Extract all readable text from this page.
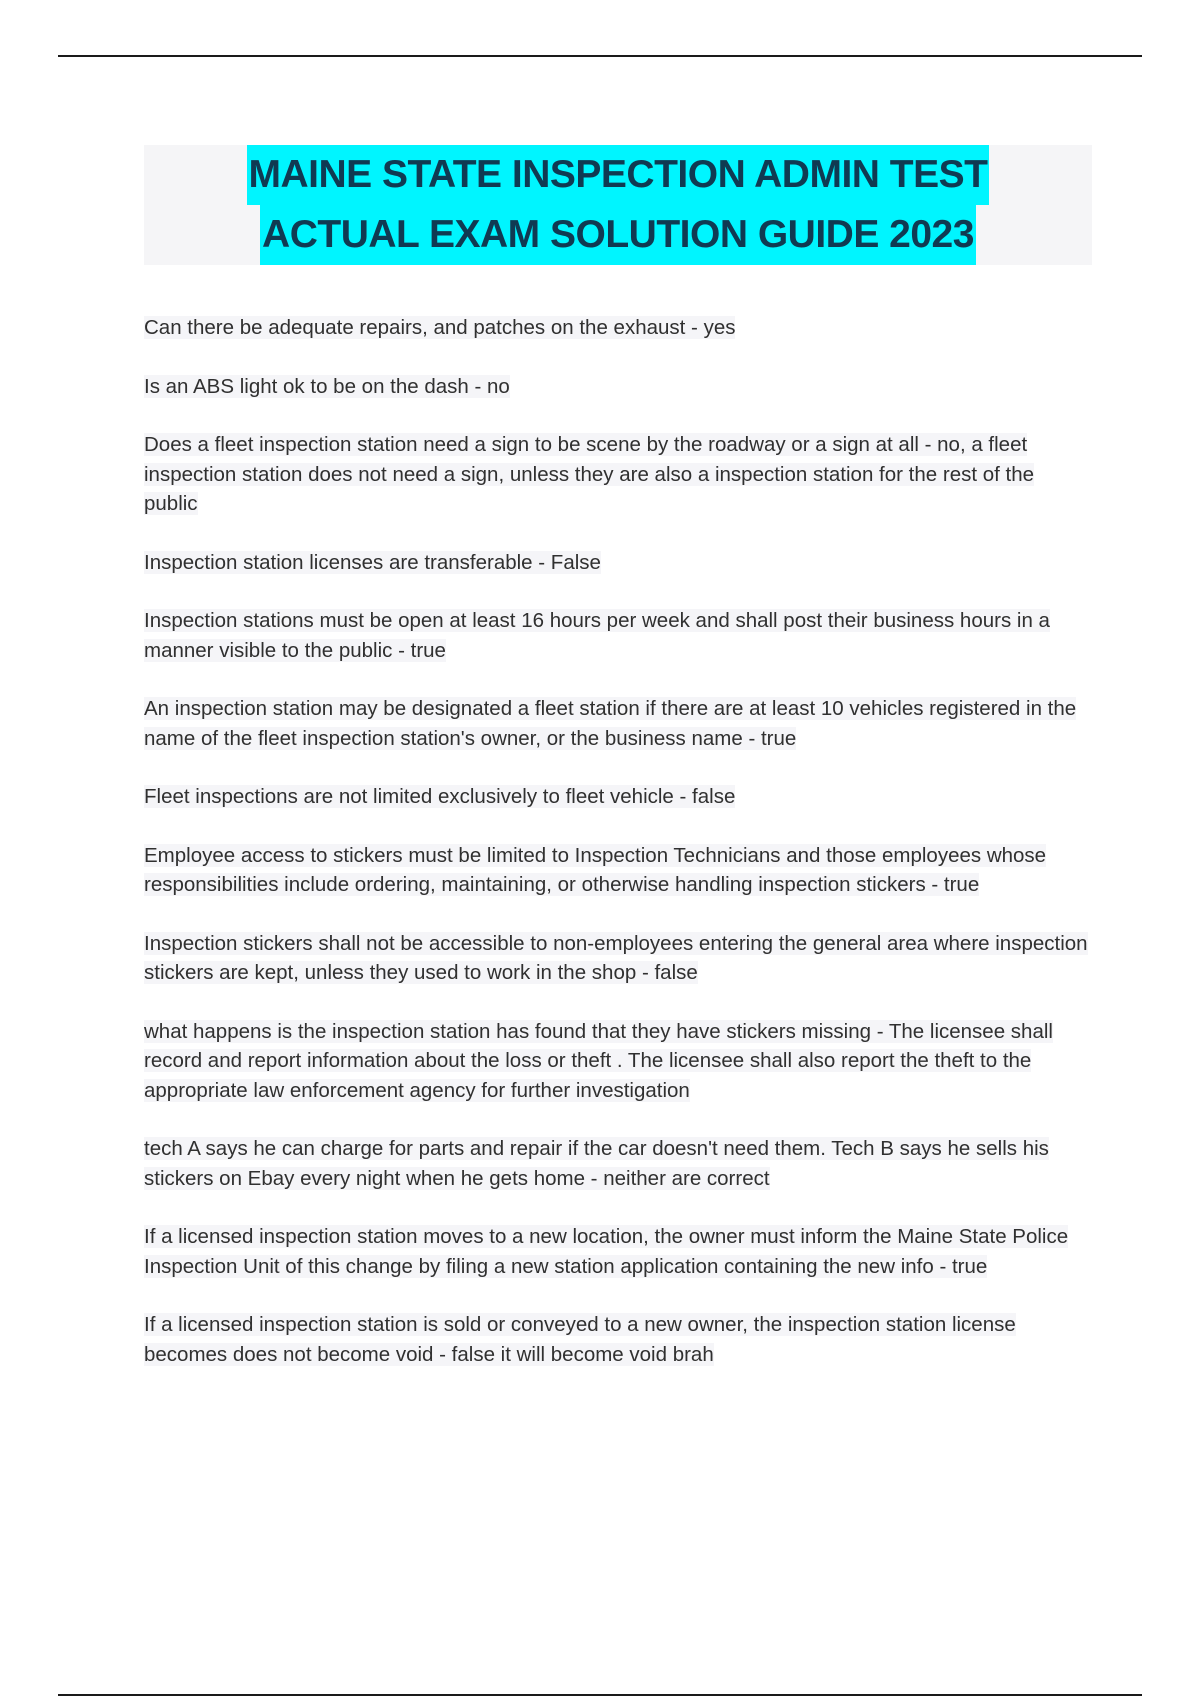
MAINE STATE INSPECTION ADMIN TEST
ACTUAL EXAM SOLUTION GUIDE 2023
Can there be adequate repairs, and patches on the exhaust - yes
Is an ABS light ok to be on the dash - no
Does a fleet inspection station need a sign to be scene by the roadway or a sign at all - no, a fleet inspection station does not need a sign, unless they are also a inspection station for the rest of the public
Inspection station licenses are transferable - False
Inspection stations must be open at least 16 hours per week and shall post their business hours in a manner visible to the public - true
An inspection station may be designated a fleet station if there are at least 10 vehicles registered in the name of the fleet inspection station's owner, or the business name - true
Fleet inspections are not limited exclusively to fleet vehicle - false
Employee access to stickers must be limited to Inspection Technicians and those employees whose responsibilities include ordering, maintaining, or otherwise handling inspection stickers - true
Inspection stickers shall not be accessible to non-employees entering the general area where inspection stickers are kept, unless they used to work in the shop - false
what happens is the inspection station has found that they have stickers missing - The licensee shall record and report information about the loss or theft . The licensee shall also report the theft to the appropriate law enforcement agency for further investigation
tech A says he can charge for parts and repair if the car doesn't need them. Tech B says he sells his stickers on Ebay every night when he gets home - neither are correct
If a licensed inspection station moves to a new location, the owner must inform the Maine State Police Inspection Unit of this change by filing a new station application containing the new info - true
If a licensed inspection station is sold or conveyed to a new owner, the inspection station license becomes does not become void - false it will become void brah
